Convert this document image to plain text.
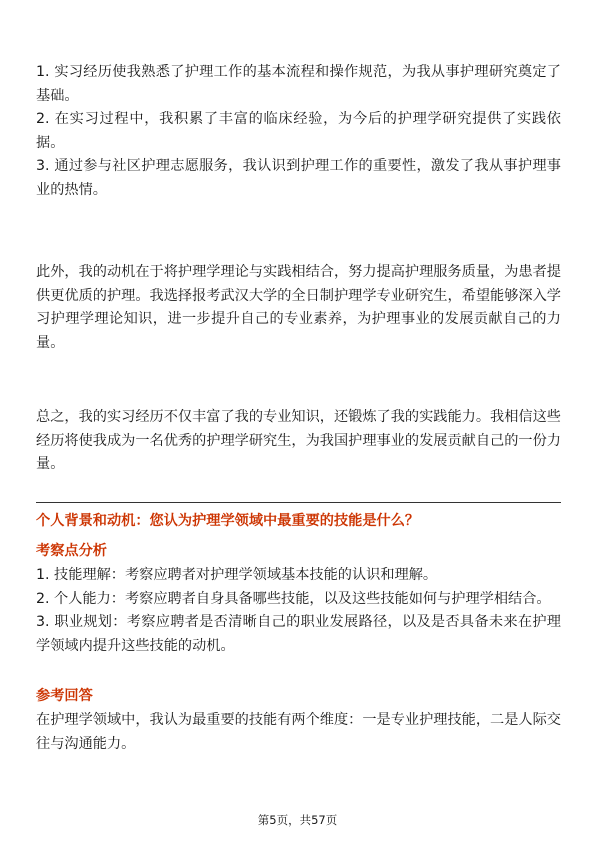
1. 实习经历使我熟悉了护理工作的基本流程和操作规范，为我从事护理研究奠定了基础。

2. 在实习过程中，我积累了丰富的临床经验，为今后的护理学研究提供了实践依据。

3. 通过参与社区护理志愿服务，我认识到护理工作的重要性，激发了我从事护理事业的热情。

此外，我的动机在于将护理学理论与实践相结合，努力提高护理服务质量，为患者提供更优质的护理。我选择报考武汉大学的全日制护理学专业研究生，希望能够深入学习护理学理论知识，进一步提升自己的专业素养，为护理事业的发展贡献自己的力量。

总之，我的实习经历不仅丰富了我的专业知识，还锻炼了我的实践能力。我相信这些经历将使我成为一名优秀的护理学研究生，为我国护理事业的发展贡献自己的一份力量。

个人背景和动机：您认为护理学领域中最重要的技能是什么？

考察点分析

1. 技能理解：考察应聘者对护理学领域基本技能的认识和理解。

2. 个人能力：考察应聘者自身具备哪些技能，以及这些技能如何与护理学相结合。

3. 职业规划：考察应聘者是否清晰自己的职业发展路径，以及是否具备未来在护理学领域内提升这些技能的动机。

参考回答

在护理学领域中，我认为最重要的技能有两个维度：一是专业护理技能，二是人际交往与沟通能力。

第5页，共57页
